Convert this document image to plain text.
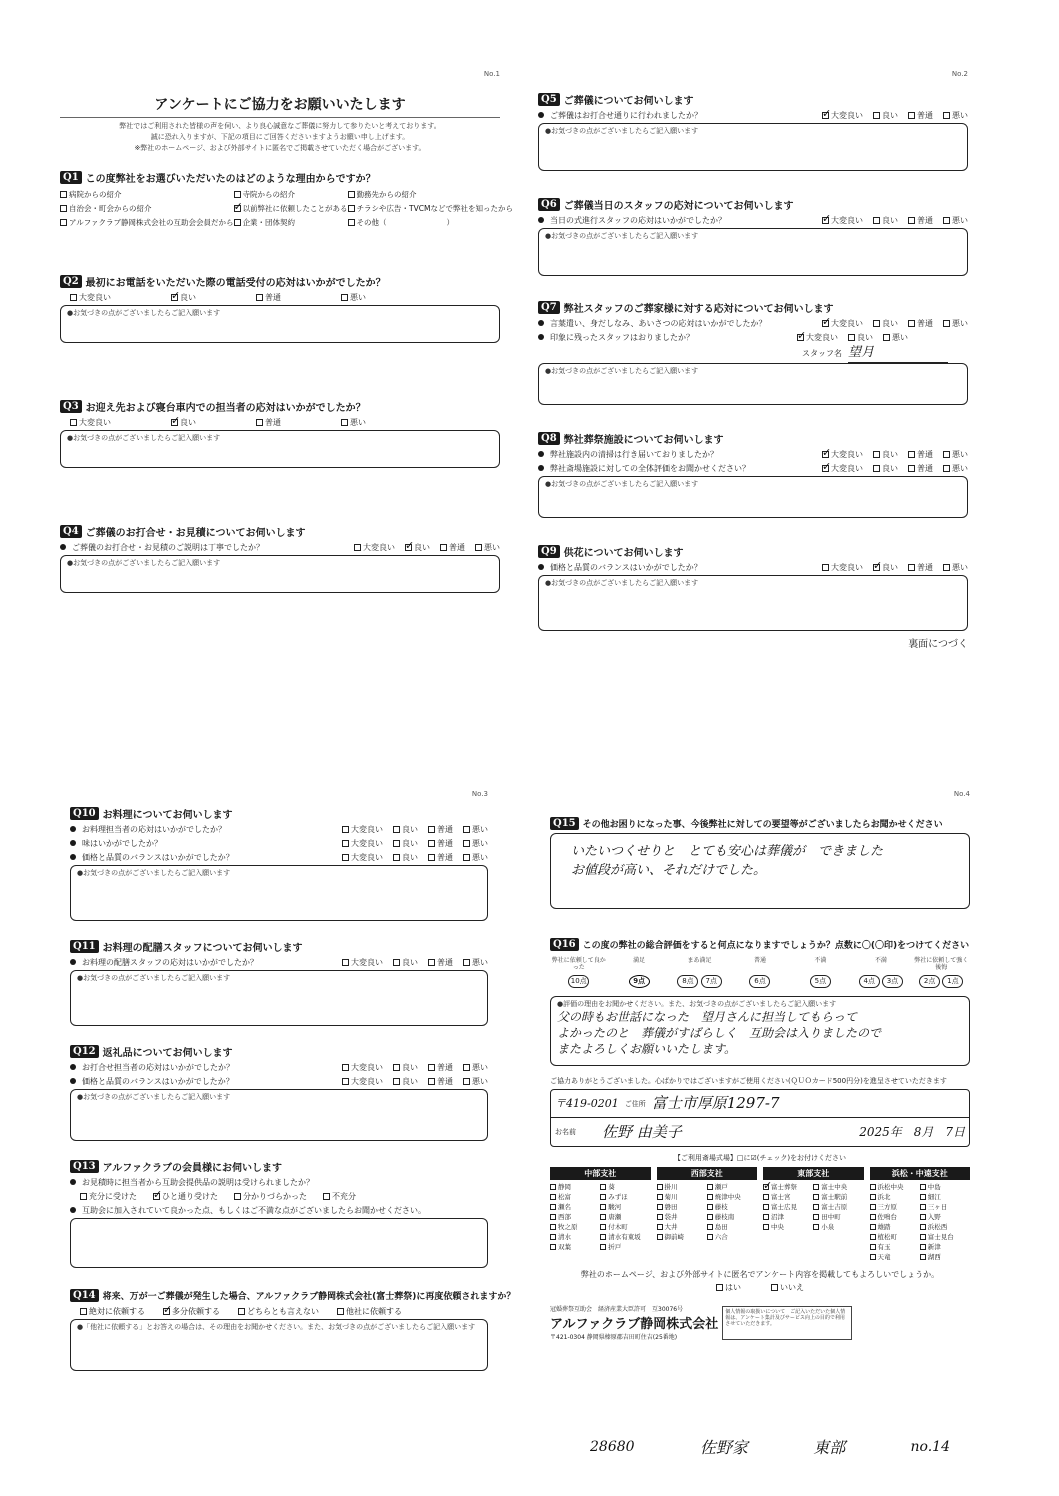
No.1
アンケートにご協力をお願いいたします
弊社ではご利用された皆様の声を伺い、より良心誠意なご葬儀に努力して参りたいと考えております。
誠に恐れ入りますが、下記の項目にご回答くださいますようお願い申し上げます。
※弊社のホームページ、および外部サイトに匿名でご掲載させていただく場合がございます。
Q1 この度弊社をお選びいただいたのはどのような理由からですか？
病院からの紹介	寺院からの紹介	勤務先からの紹介
自治会・町会からの紹介 ✓	以前弊社に依頼したことがある チラシや広告・TVCMなどで弊社を知ったから
アルファクラブ静岡株式会社の互助会会員だから 企業・団体契約	その他（　　　　　　　　）
Q2 最初にお電話をいただいた際の電話受付の応対はいかがでしたか？
大変良い ✓	良い	普通	悪い
●お気づきの点がございましたらご記入願います
Q3 お迎え先および寝台車内での担当者の応対はいかがでしたか？
大変良い ✓	良い	普通	悪い
●お気づきの点がございましたらご記入願います
Q4 ご葬儀のお打合せ・お見積についてお伺いします
ご葬儀のお打合せ・お見積のご説明は丁寧でしたか？	大変良い ✓ 良い 普通 悪い
●お気づきの点がございましたらご記入願います
No.2
Q5 ご葬儀についてお伺いします
ご葬儀はお打合せ通りに行われましたか？ ✓	大変良い 良い 普通 悪い
●お気づきの点がございましたらご記入願います
Q6 ご葬儀当日のスタッフの応対についてお伺いします
当日の式進行スタッフの応対はいかがでしたか？ ✓	大変良い 良い 普通 悪い
●お気づきの点がございましたらご記入願います
Q7 弊社スタッフのご葬家様に対する応対についてお伺いします
言葉遣い、身だしなみ、あいさつの応対はいかがでしたか？ ✓	大変良い 良い 普通 悪い
印象に残ったスタッフはおりましたか？ ✓	大変良い 良い 悪い
スタッフ名 望月
●お気づきの点がございましたらご記入願います
Q8 弊社葬祭施設についてお伺いします
弊社施設内の清掃は行き届いておりましたか？ ✓	大変良い 良い 普通 悪い
弊社斎場施設に対しての全体評価をお聞かせください？ ✓	大変良い 良い 普通 悪い
●お気づきの点がございましたらご記入願います
Q9 供花についてお伺いします
価格と品質のバランスはいかがでしたか？	大変良い ✓ 良い 普通 悪い
●お気づきの点がございましたらご記入願います
裏面につづく
No.3
Q10 お料理についてお伺いします
お料理担当者の応対はいかがでしたか？	大変良い 良い 普通 悪い
味はいかがでしたか？	大変良い 良い 普通 悪い
価格と品質のバランスはいかがでしたか？	大変良い 良い 普通 悪い
●お気づきの点がございましたらご記入願います
Q11 お料理の配膳スタッフについてお伺いします
お料理の配膳スタッフの応対はいかがでしたか？	大変良い 良い 普通 悪い
●お気づきの点がございましたらご記入願います
Q12 返礼品についてお伺いします
お打合せ担当者の応対はいかがでしたか？	大変良い 良い 普通 悪い
価格と品質のバランスはいかがでしたか？	大変良い 良い 普通 悪い
●お気づきの点がございましたらご記入願います
Q13 アルファクラブの会員様にお伺いします
お見積時に担当者から互助会提供品の説明は受けられましたか？
充分に受けた ✓	ひと通り受けた	分かりづらかった	不充分
互助会に加入されていて良かった点、もしくはご不満な点がございましたらお聞かせください。
Q14 将来、万が一ご葬儀が発生した場合、アルファクラブ静岡株式会社(富士葬祭)に再度依頼されますか？
絶対に依頼する ✓	多分依頼する	どちらとも言えない	他社に依頼する
●「他社に依頼する」とお答えの場合は、その理由をお聞かせください。また、お気づきの点がございましたらご記入願います
No.4
Q15 その他お困りになった事、今後弊社に対しての要望等がございましたらお聞かせください
いたいつくせりと　とても安心は葬儀が　できました
お値段が高い、それだけでした。
Q16 この度の弊社の総合評価をすると何点になりますでしょうか？点数に〇(〇印)をつけてください
弊社に依頼して良かった
10点
満足
9点
まあ満足
8点 7点
普通
6点
不満
5点
不満
4点 3点
弊社に依頼して強く後悔
2点 1点
●評価の理由をお聞かせください。また、お気づきの点がございましたらご記入願います
父の時もお世話になった　望月さんに担当してもらって
よかったのと　葬儀がすばらしく　互助会は入りましたので
またよろしくお願いいたします。
ご協力ありがとうございました。心ばかりではございますがご使用ください(ＱＵＯカード500円分)を進呈させていただきます
〒419-0201 ご住所 富士市厚原1297-7
お名前 佐野 由美子	2025年　8月　7日
【ご利用斎場式場】□に☑(チェック)をお付けください
中部支社
静岡	葵
松富	みずほ
瀬名	駿河
西部	唐瀬
牧之原	付木町
清水	清水有東坂
双葉	折戸
西部支社
掛川	瀬戸
菊川	焼津中央
磐田	藤枝
袋井	藤枝南
大井	島田
御前崎	六合
東部支社
✓
富士葬祭	富士中央
富士宮	富士駅前
富士広見	富士吉原
沼津	田中町
中央	小泉
浜松・中遠支社
浜松中央	中島
浜北	細江
三方原	三ヶ日
佐鳴台	入野
雄踏	浜松西
植松町	富士見台
有玉	新津
天竜	湖西
弊社のホームページ、および外部サイトに匿名でアンケート内容を掲載してもよろしいでしょうか。
はい	いいえ
冠婚葬祭互助会　経済産業大臣許可　互30076号
アルファクラブ静岡株式会社
〒421-0304 静岡県榛原郡吉田町住吉(25番地)
個人情報の取扱いについて　ご記入いただいた個人情報は、アンケート集計及びサービス向上の目的で利用させていただきます。
28680	佐野家	東部	no.14
